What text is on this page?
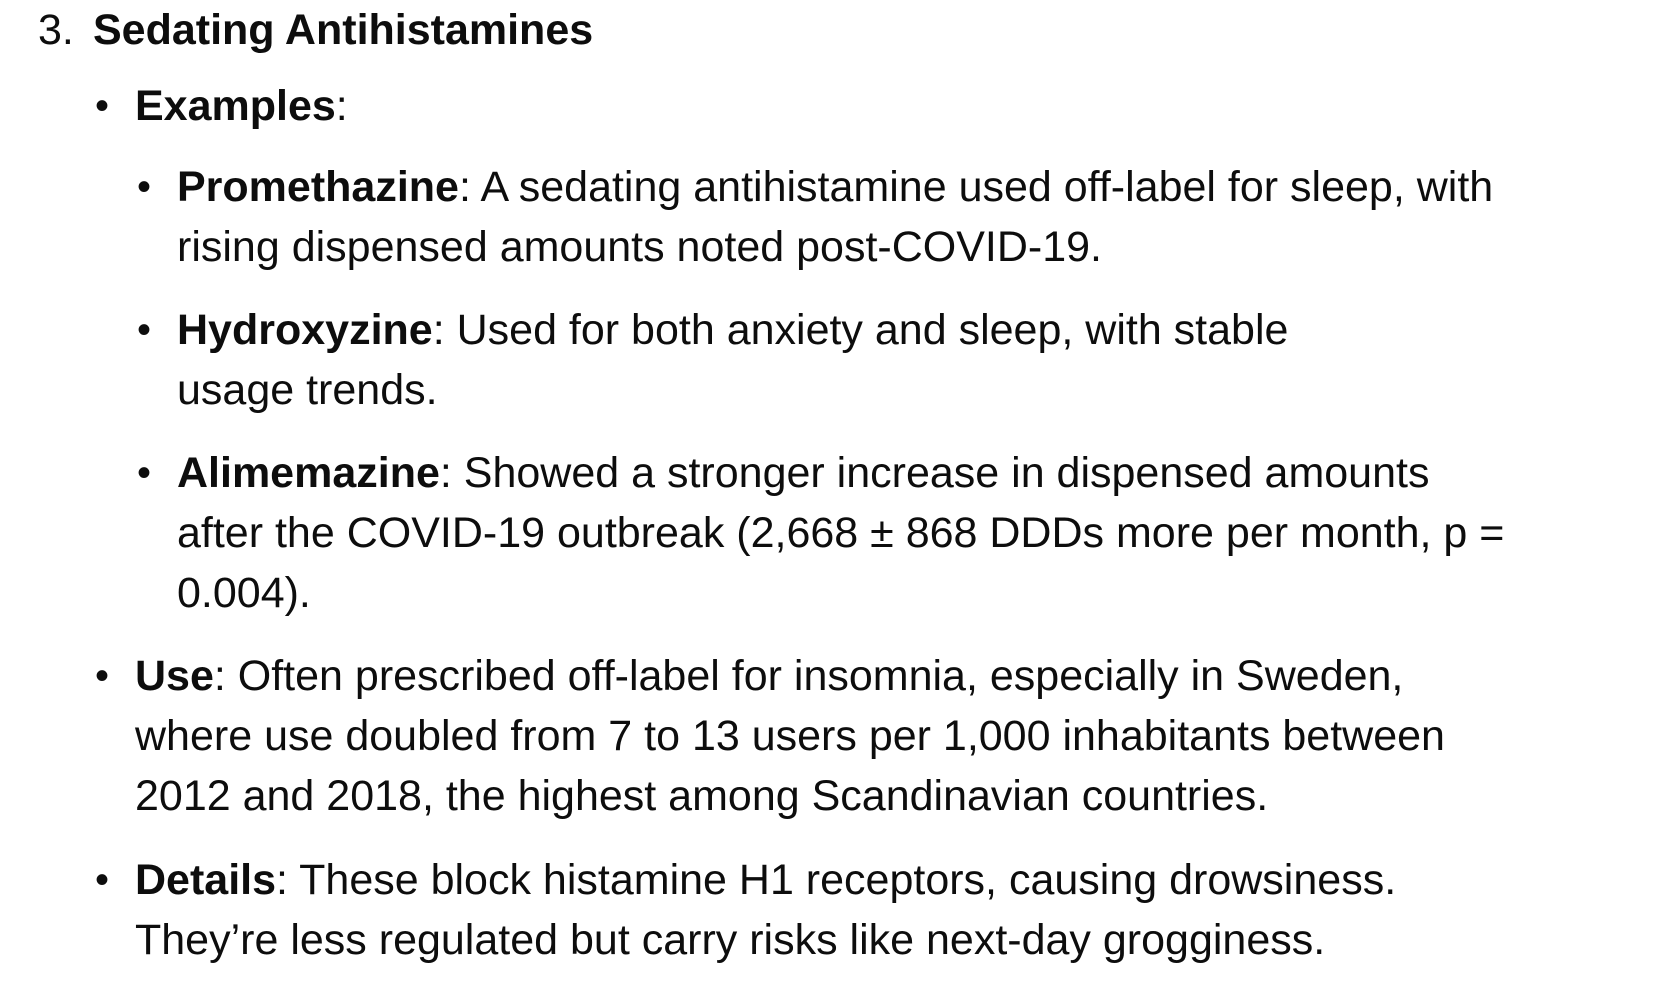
3. Sedating Antihistamines
• Examples:
• Promethazine: A sedating antihistamine used off-label for sleep, with
rising dispensed amounts noted post-COVID-19.
• Hydroxyzine: Used for both anxiety and sleep, with stable
usage trends.
• Alimemazine: Showed a stronger increase in dispensed amounts
after the COVID-19 outbreak (2,668 ± 868 DDDs more per month, p =
0.004).
• Use: Often prescribed off-label for insomnia, especially in Sweden,
where use doubled from 7 to 13 users per 1,000 inhabitants between
2012 and 2018, the highest among Scandinavian countries.
• Details: These block histamine H1 receptors, causing drowsiness.
They’re less regulated but carry risks like next-day grogginess.
